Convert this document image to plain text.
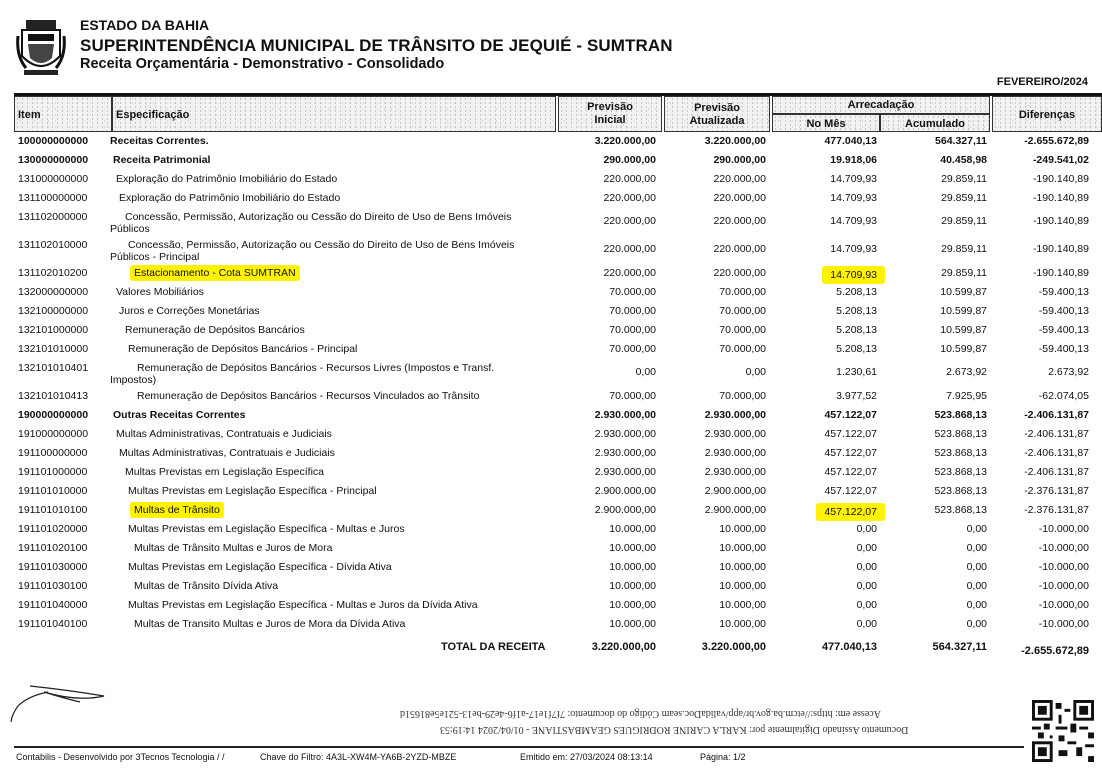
ESTADO DA BAHIA
SUPERINTENDÊNCIA MUNICIPAL DE TRÂNSITO DE JEQUIÉ - SUMTRAN
Receita Orçamentária - Demonstrativo - Consolidado
FEVEREIRO/2024
Item	Especificação
Previsão
Inicial
Previsão
Atualizada
Arrecadação
No Mês	Acumulado
Diferenças
100000000000 Receitas Correntes.	3.220.000,00	3.220.000,00	477.040,13	564.327,11	-2.655.672,89
130000000000 Receita Patrimonial	290.000,00	290.000,00	19.918,06	40.458,98	-249.541,02
131000000000	Exploração do Patrimônio Imobiliário do Estado	220.000,00	220.000,00	14.709,93	29.859,11	-190.140,89
131100000000	Exploração do Patrimônio Imobiliário do Estado	220.000,00	220.000,00	14.709,93	29.859,11	-190.140,89
131102000000	Concessão, Permissão, Autorização ou Cessão do Direito de Uso de Bens Imóveis Públicos
220.000,00	220.000,00	14.709,93	29.859,11	-190.140,89
131102010000	Concessão, Permissão, Autorização ou Cessão do Direito de Uso de Bens Imóveis Públicos - Principal
220.000,00	220.000,00	14.709,93	29.859,11	-190.140,89
131102010200	Estacionamento - Cota SUMTRAN	220.000,00	220.000,00	14.709,93	29.859,11	-190.140,89
132000000000	Valores Mobiliários	70.000,00	70.000,00	5.208,13	10.599,87	-59.400,13
132100000000	Juros e Correções Monetárias	70.000,00	70.000,00	5.208,13	10.599,87	-59.400,13
132101000000	Remuneração de Depósitos Bancários	70.000,00	70.000,00	5.208,13	10.599,87	-59.400,13
132101010000	Remuneração de Depósitos Bancários - Principal	70.000,00	70.000,00	5.208,13	10.599,87	-59.400,13
132101010401	Remuneração de Depósitos Bancários - Recursos Livres (Impostos e Transf. Impostos)
0,00	0,00	1.230,61	2.673,92	2.673,92
132101010413	Remuneração de Depósitos Bancários - Recursos Vinculados ao Trânsito	70.000,00	70.000,00	3.977,52	7.925,95	-62.074,05
190000000000 Outras Receitas Correntes	2.930.000,00	2.930.000,00	457.122,07	523.868,13	-2.406.131,87
191000000000	Multas Administrativas, Contratuais e Judiciais	2.930.000,00	2.930.000,00	457.122,07	523.868,13	-2.406.131,87
191100000000	Multas Administrativas, Contratuais e Judiciais	2.930.000,00	2.930.000,00	457.122,07	523.868,13	-2.406.131,87
191101000000	Multas Previstas em Legislação Específica	2.930.000,00	2.930.000,00	457.122,07	523.868,13	-2.406.131,87
191101010000	Multas Previstas em Legislação Específica - Principal	2.900.000,00	2.900.000,00	457.122,07	523.868,13	-2.376.131,87
191101010100	Multas de Trânsito	2.900.000,00	2.900.000,00	457.122,07	523.868,13	-2.376.131,87
191101020000	Multas Previstas em Legislação Específica - Multas e Juros	10.000,00	10.000,00	0,00	0,00	-10.000,00
191101020100	Multas de Trânsito Multas e Juros de Mora	10.000,00	10.000,00	0,00	0,00	-10.000,00
191101030000	Multas Previstas em Legislação Específica - Dívida Ativa	10.000,00	10.000,00	0,00	0,00	-10.000,00
191101030100	Multas de Trânsito Dívida Ativa	10.000,00	10.000,00	0,00	0,00	-10.000,00
191101040000	Multas Previstas em Legislação Específica - Multas e Juros da Dívida Ativa	10.000,00	10.000,00	0,00	0,00	-10.000,00
191101040100	Multas de Transito Multas e Juros de Mora da Dívida Ativa	10.000,00	10.000,00	0,00	0,00	-10.000,00
TOTAL DA RECEITA	3.220.000,00	3.220.000,00	477.040,13	564.327,11	-2.655.672,89
Acesse em: https://etcm.ba.gov.br/app/validaDoc.seam Código do documento: 7f7f1e17-a1f6-4e29-be13-521e5e81651d
Documento Assinado Digitalmente por: KARLA CARINE RODRIGUES GEAMBASTIANE - 01/04/2024 14:19:53
Contabilis - Desenvolvido por 3Tecnos Tecnologia / /	Chave do Filtro: 4A3L-XW4M-YA6B-2YZD-MBZE	Emitido em: 27/03/2024 08:13:14	Página: 1/2
